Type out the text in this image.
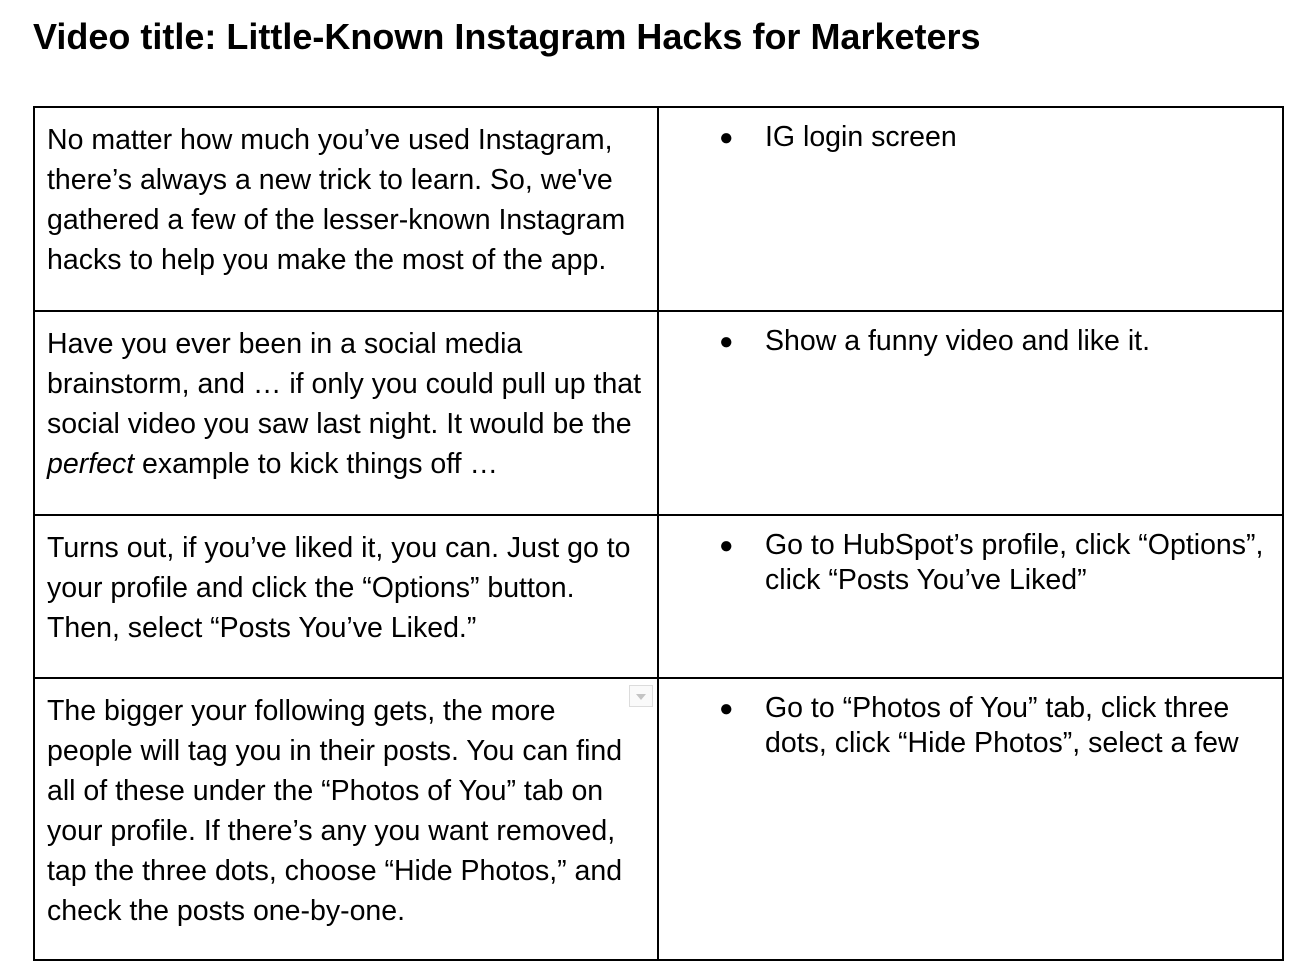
Video title: Little-Known Instagram Hacks for Marketers
No matter how much you’ve used Instagram, there’s always a new trick to learn. So, we've gathered a few of the lesser-known Instagram hacks to help you make the most of the app.	● IG login screen

Have you ever been in a social media brainstorm, and … if only you could pull up that social video you saw last night. It would be the perfect example to kick things off …	● Show a funny video and like it.

Turns out, if you’ve liked it, you can. Just go to your profile and click the “Options” button. Then, select “Posts You’ve Liked.”	● Go to HubSpot’s profile, click “Options”, click “Posts You’ve Liked”

The bigger your following gets, the more people will tag you in their posts. You can find all of these under the “Photos of You” tab on your profile. If there’s any you want removed, tap the three dots, choose “Hide Photos,” and check the posts one-by-one.	● Go to “Photos of You” tab, click three dots, click “Hide Photos”, select a few
